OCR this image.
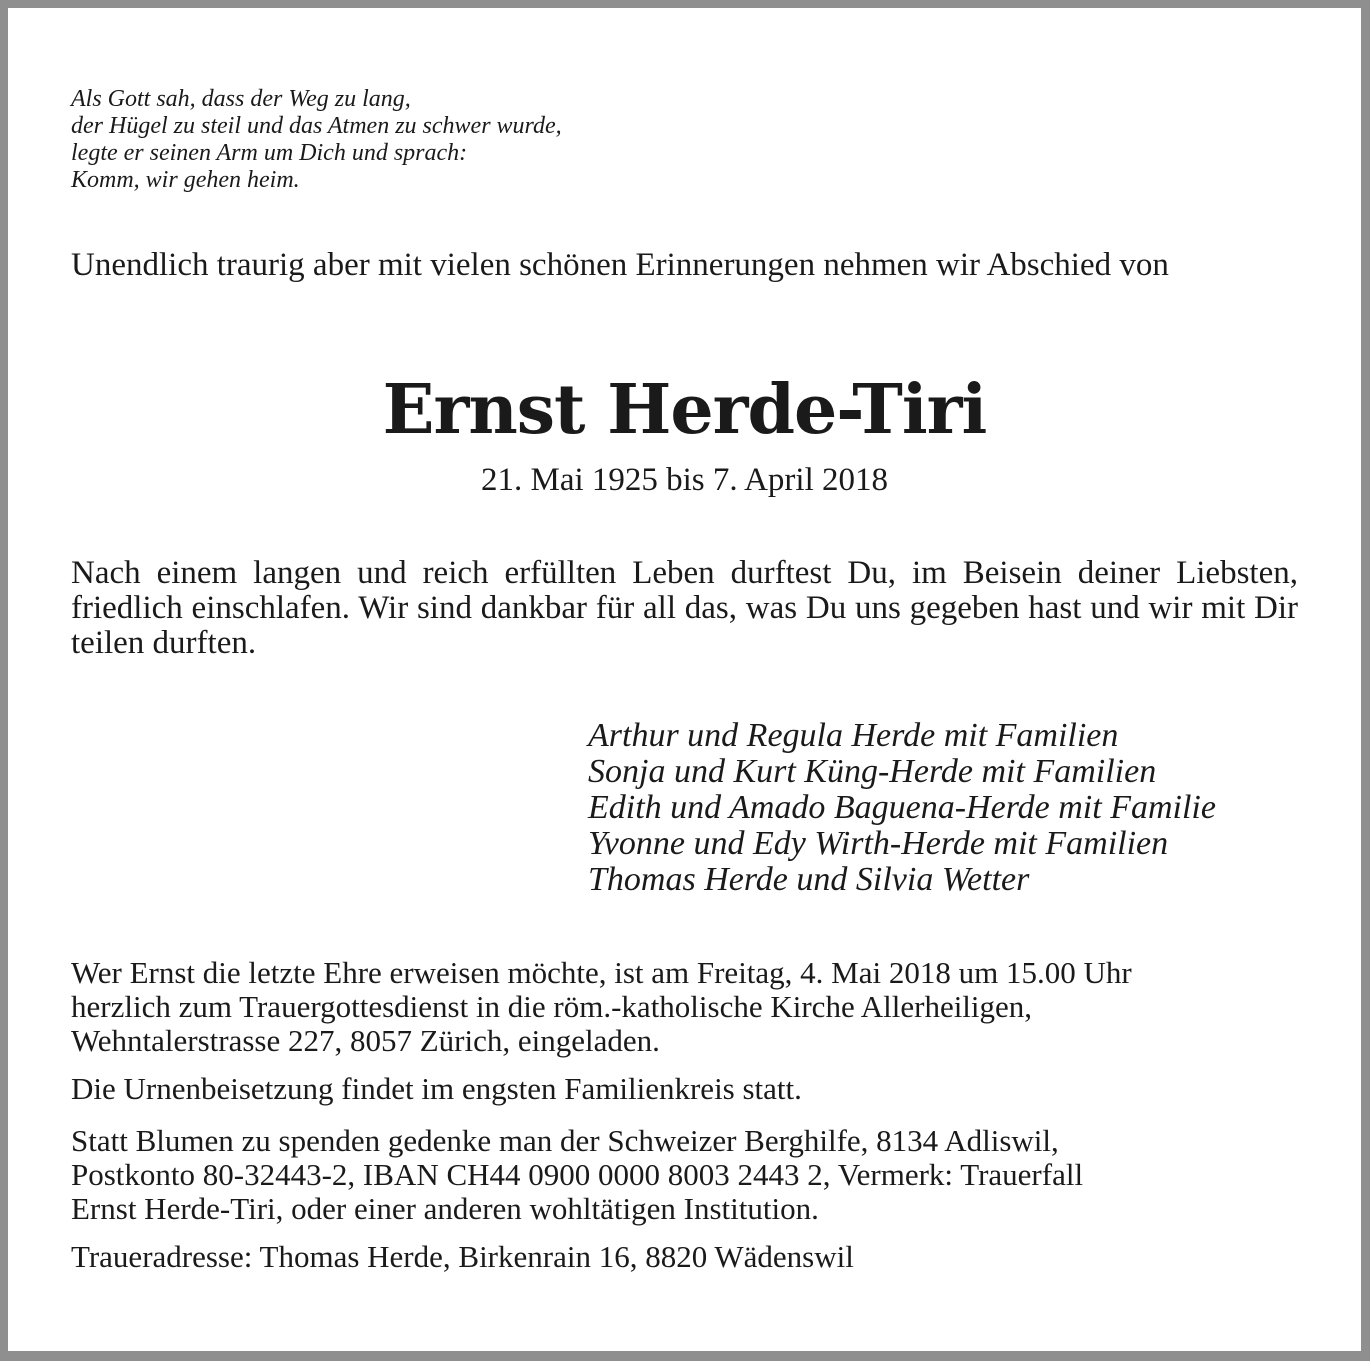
Als Gott sah, dass der Weg zu lang,
der Hügel zu steil und das Atmen zu schwer wurde,
legte er seinen Arm um Dich und sprach:
Komm, wir gehen heim.
Unendlich traurig aber mit vielen schönen Erinnerungen nehmen wir Abschied von
Ernst Herde-Tiri
21. Mai 1925 bis 7. April 2018
Nach einem langen und reich erfüllten Leben durftest Du, im Beisein deiner Liebsten, friedlich einschlafen. Wir sind dankbar für all das, was Du uns gegeben hast und wir mit Dir teilen durften.
Arthur und Regula Herde mit Familien
Sonja und Kurt Küng-Herde mit Familien
Edith und Amado Baguena-Herde mit Familie
Yvonne und Edy Wirth-Herde mit Familien
Thomas Herde und Silvia Wetter
Wer Ernst die letzte Ehre erweisen möchte, ist am Freitag, 4. Mai 2018 um 15.00 Uhr
herzlich zum Trauergottesdienst in die röm.-katholische Kirche Allerheiligen,
Wehntalerstrasse 227, 8057 Zürich, eingeladen.
Die Urnenbeisetzung findet im engsten Familienkreis statt.
Statt Blumen zu spenden gedenke man der Schweizer Berghilfe, 8134 Adliswil,
Postkonto 80-32443-2, IBAN CH44 0900 0000 8003 2443 2, Vermerk: Trauerfall
Ernst Herde-Tiri, oder einer anderen wohltätigen Institution.
Traueradresse: Thomas Herde, Birkenrain 16, 8820 Wädenswil
